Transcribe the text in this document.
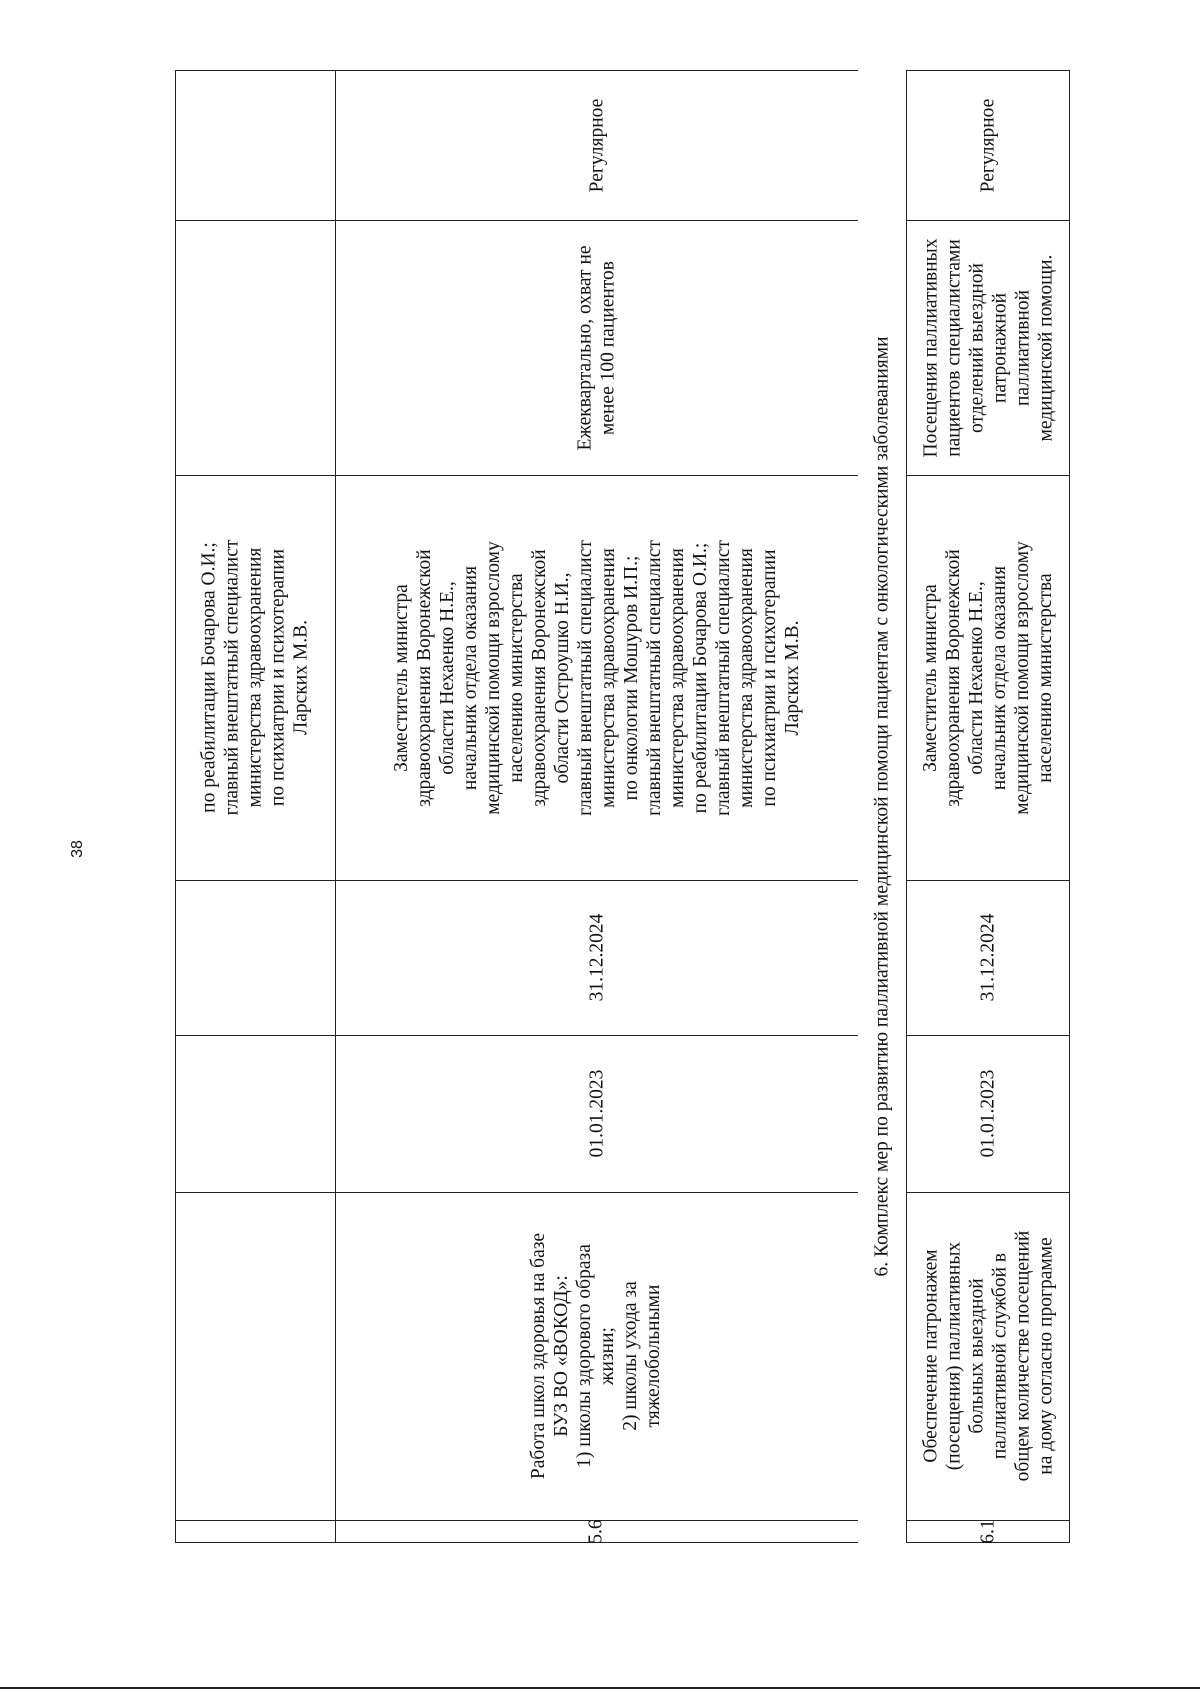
38
по реабилитации Бочарова О.И.;
главный внештатный специалист
министерства здравоохранения
по психиатрии и психотерапии
Ларских М.В.
5.6
Работа школ здоровья на базе
БУЗ ВО «ВОКОД»:
1) школы здорового образа
жизни;
2) школы ухода за
тяжелобольными
01.01.2023
31.12.2024
Заместитель министра
здравоохранения Воронежской
области Нехаенко Н.Е.,
начальник отдела оказания
медицинской помощи взрослому
населению министерства
здравоохранения Воронежской
области Остроушко Н.И.,
главный внештатный специалист
министерства здравоохранения
по онкологии Мошуров И.П.;
главный внештатный специалист
министерства здравоохранения
по реабилитации Бочарова О.И.;
главный внештатный специалист
министерства здравоохранения
по психиатрии и психотерапии
Ларских М.В.
Ежеквартально, охват не
менее 100 пациентов
Регулярное
6. Комплекс мер по развитию паллиативной медицинской помощи пациентам с онкологическими заболеваниями
6.1
Обеспечение патронажем
(посещения) паллиативных
больных выездной
паллиативной службой в
общем количестве посещений
на дому согласно программе
01.01.2023
31.12.2024
Заместитель министра
здравоохранения Воронежской
области Нехаенко Н.Е.,
начальник отдела оказания
медицинской помощи взрослому
населению министерства
Посещения паллиативных
пациентов специалистами
отделений выездной
патронажной
паллиативной
медицинской помощи.
Регулярное
